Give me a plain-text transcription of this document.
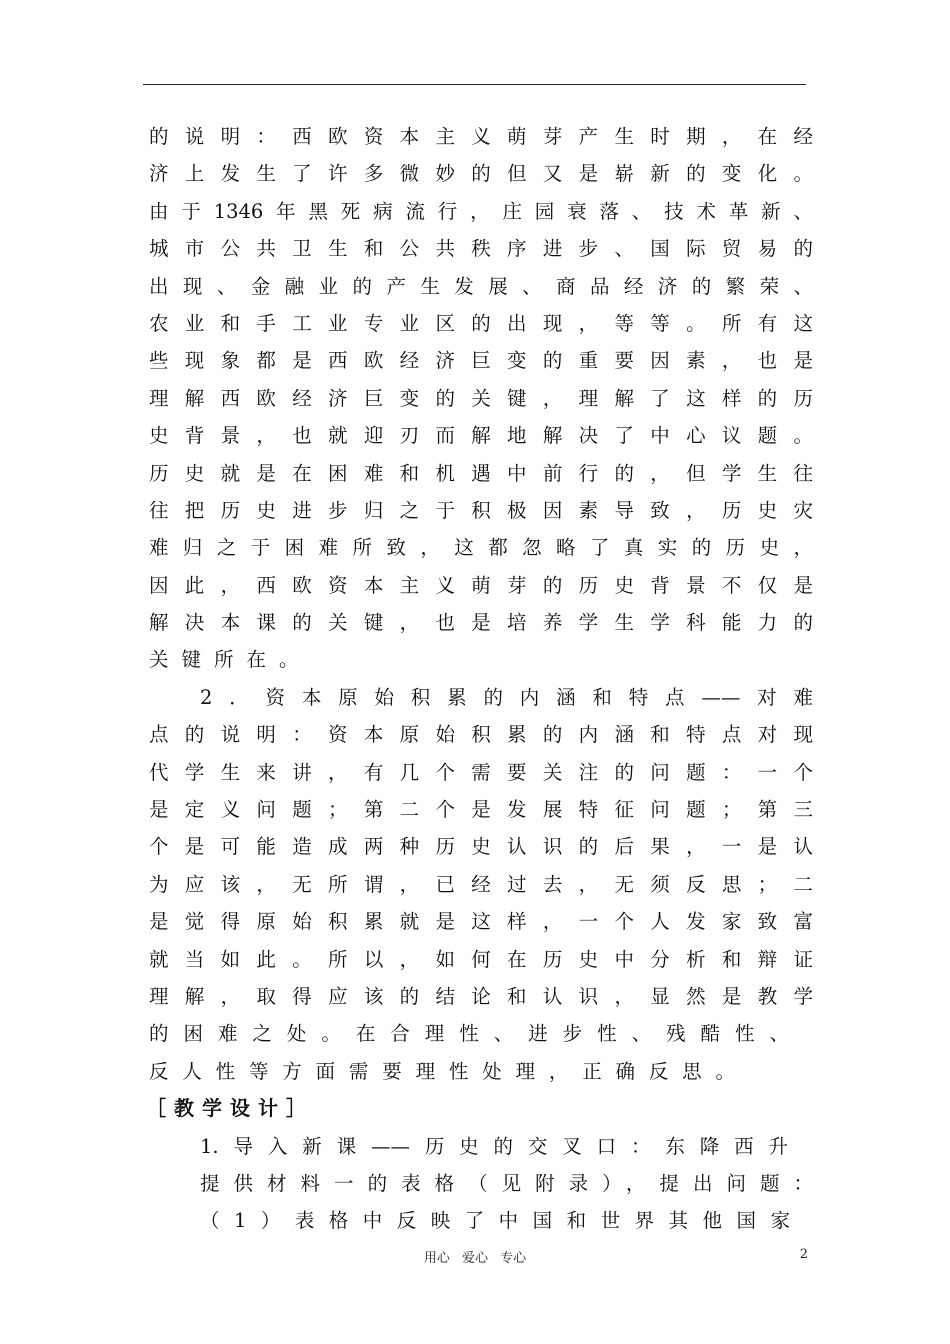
的说明：西欧资本主义萌芽产生时期，在经
济上发生了许多微妙的但又是崭新的变化。
由于1346年黑死病流行，庄园衰落、技术革新、
城市公共卫生和公共秩序进步、国际贸易的
出现、金融业的产生发展、商品经济的繁荣、
农业和手工业专业区的出现，等等。所有这
些现象都是西欧经济巨变的重要因素，也是
理解西欧经济巨变的关键，理解了这样的历
史背景，也就迎刃而解地解决了中心议题。
历史就是在困难和机遇中前行的，但学生往
往把历史进步归之于积极因素导致，历史灾
难归之于困难所致，这都忽略了真实的历史，
因此，西欧资本主义萌芽的历史背景不仅是
解决本课的关键，也是培养学生学科能力的
关键所在。
2．资本原始积累的内涵和特点——对难
点的说明：资本原始积累的内涵和特点对现
代学生来讲，有几个需要关注的问题：一个
是定义问题；第二个是发展特征问题；第三
个是可能造成两种历史认识的后果，一是认
为应该，无所谓，已经过去，无须反思；二
是觉得原始积累就是这样，一个人发家致富
就当如此。所以，如何在历史中分析和辩证
理解，取得应该的结论和认识，显然是教学
的困难之处。在合理性、进步性、残酷性、
反人性等方面需要理性处理，正确反思。
［教学设计］
1.导入新课——历史的交叉口：东降西升
提供材料一的表格（见附录），提出问题：
（1）表格中反映了中国和世界其他国家
用心 爱心 专心	2
